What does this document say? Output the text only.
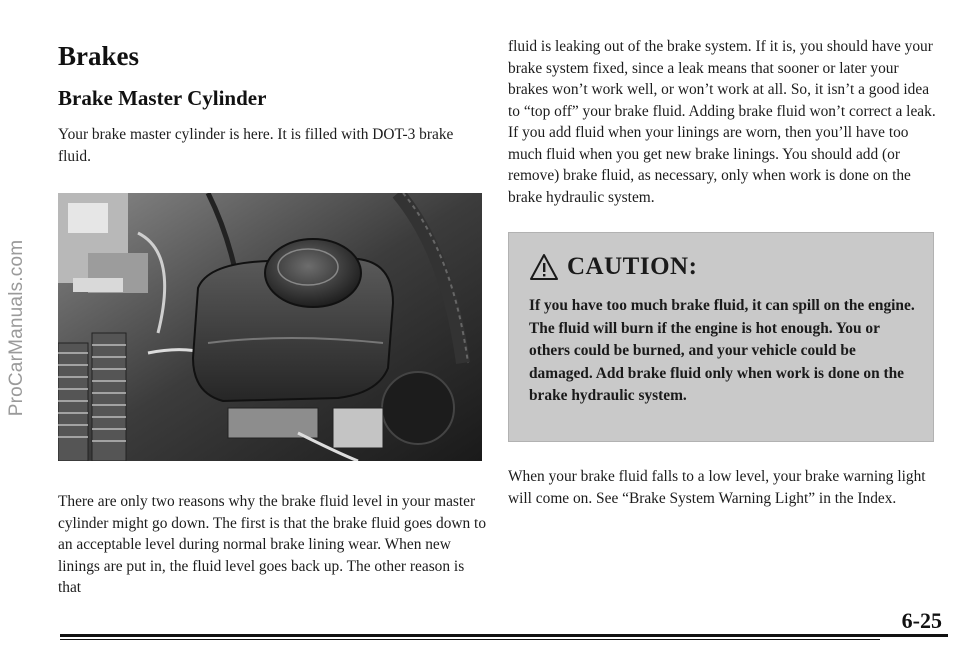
ProCarManuals.com
Brakes
Brake Master Cylinder

Your brake master cylinder is here. It is filled with DOT-3 brake fluid.

There are only two reasons why the brake fluid level in your master cylinder might go down. The first is that the brake fluid goes down to an acceptable level during normal brake lining wear. When new linings are put in, the fluid level goes back up. The other reason is that

fluid is leaking out of the brake system. If it is, you should have your brake system fixed, since a leak means that sooner or later your brakes won’t work well, or won’t work at all. So, it isn’t a good idea to “top off” your brake fluid. Adding brake fluid won’t correct a leak. If you add fluid when your linings are worn, then you’ll have too much fluid when you get new brake linings. You should add (or remove) brake fluid, as necessary, only when work is done on the brake hydraulic system.

CAUTION:

If you have too much brake fluid, it can spill on the engine. The fluid will burn if the engine is hot enough. You or others could be burned, and your vehicle could be damaged. Add brake fluid only when work is done on the brake hydraulic system.

When your brake fluid falls to a low level, your brake warning light will come on. See “Brake System Warning Light” in the Index.

6-25
